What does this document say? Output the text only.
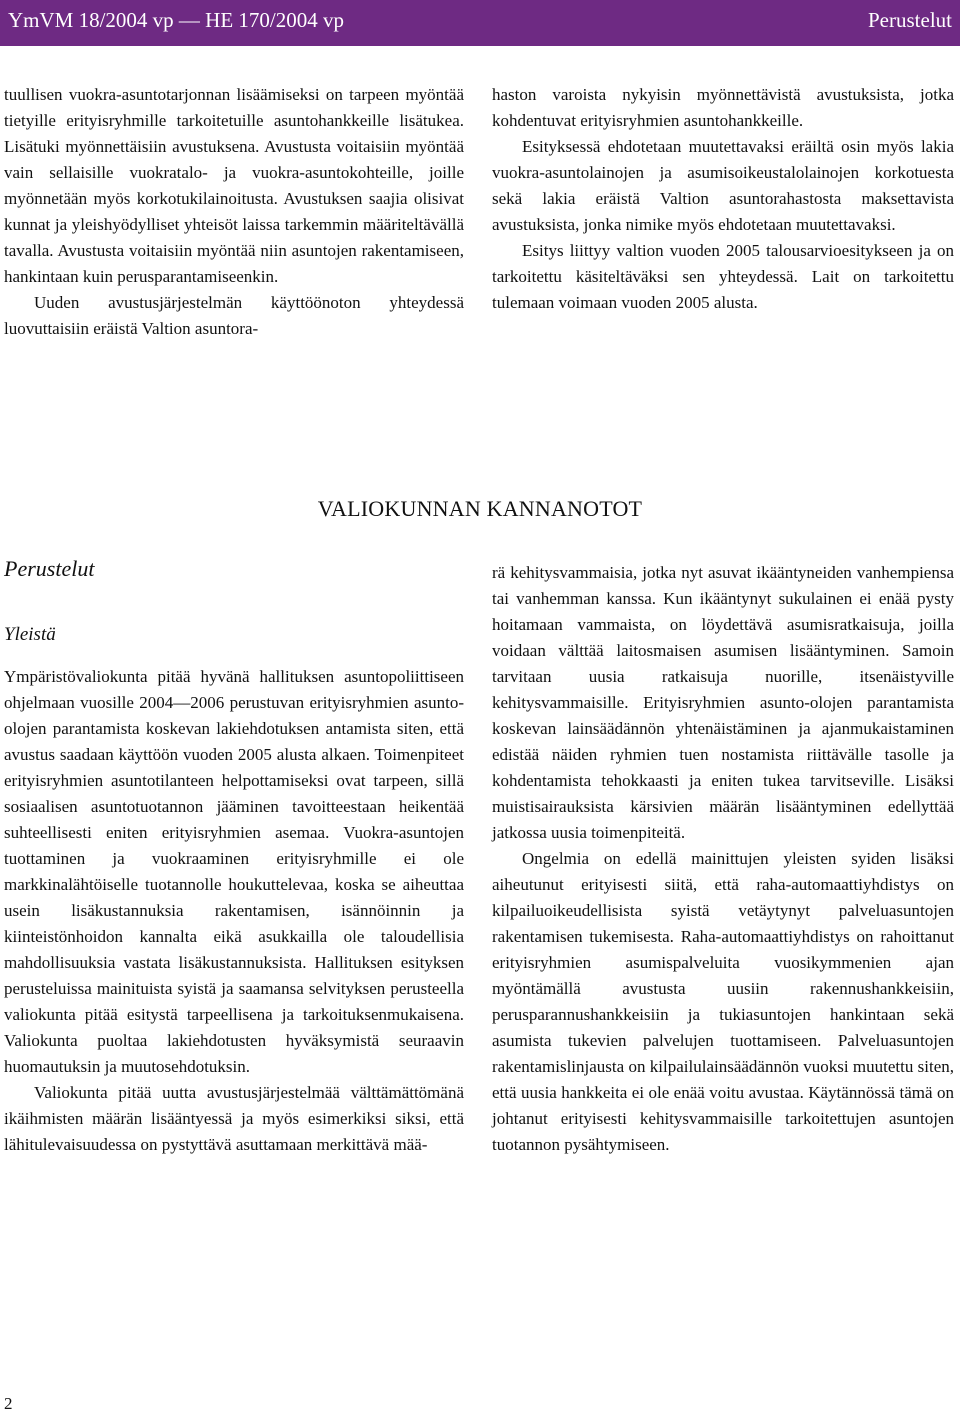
YmVM 18/2004 vp — HE 170/2004 vp	Perustelut

tuullisen vuokra-asuntotarjonnan lisäämiseksi on tarpeen myöntää tietyille erityisryhmille tarkoitetuille asuntohankkeille lisätukea. Lisätuki myönnettäisiin avustuksena. Avustusta voitaisiin myöntää vain sellaisille vuokratalo- ja vuokra-asuntokohteille, joille myönnetään myös korkotukilainoitusta. Avustuksen saajia olisivat kunnat ja yleishyödylliset yhteisöt laissa tarkemmin määriteltävällä tavalla. Avustusta voitaisiin myöntää niin asuntojen rakentamiseen, hankintaan kuin perusparantamiseenkin.

Uuden avustusjärjestelmän käyttöönoton yhteydessä luovuttaisiin eräistä Valtion asuntora-

haston varoista nykyisin myönnettävistä avustuksista, jotka kohdentuvat erityisryhmien asuntohankkeille.

Esityksessä ehdotetaan muutettavaksi eräiltä osin myös lakia vuokra-asuntolainojen ja asumisoikeustalolainojen korkotuesta sekä lakia eräistä Valtion asuntorahastosta maksettavista avustuksista, jonka nimike myös ehdotetaan muutettavaksi.

Esitys liittyy valtion vuoden 2005 talousarvioesitykseen ja on tarkoitettu käsiteltäväksi sen yhteydessä. Lait on tarkoitettu tulemaan voimaan vuoden 2005 alusta.

VALIOKUNNAN KANNANOTOT
Perustelut
Yleistä

Ympäristövaliokunta pitää hyvänä hallituksen asuntopoliittiseen ohjelmaan vuosille 2004—2006 perustuvan erityisryhmien asunto-olojen parantamista koskevan lakiehdotuksen antamista siten, että avustus saadaan käyttöön vuoden 2005 alusta alkaen. Toimenpiteet erityisryhmien asuntotilanteen helpottamiseksi ovat tarpeen, sillä sosiaalisen asuntotuotannon jääminen tavoitteestaan heikentää suhteellisesti eniten erityisryhmien asemaa. Vuokra-asuntojen tuottaminen ja vuokraaminen erityisryhmille ei ole markkinalähtöiselle tuotannolle houkuttelevaa, koska se aiheuttaa usein lisäkustannuksia rakentamisen, isännöinnin ja kiinteistönhoidon kannalta eikä asukkailla ole taloudellisia mahdollisuuksia vastata lisäkustannuksista. Hallituksen esityksen perusteluissa mainituista syistä ja saamansa selvityksen perusteella valiokunta pitää esitystä tarpeellisena ja tarkoituksenmukaisena. Valiokunta puoltaa lakiehdotusten hyväksymistä seuraavin huomautuksin ja muutosehdotuksin.

Valiokunta pitää uutta avustusjärjestelmää välttämättömänä ikäihmisten määrän lisääntyessä ja myös esimerkiksi siksi, että lähitulevaisuudessa on pystyttävä asuttamaan merkittävä mää-

rä kehitysvammaisia, jotka nyt asuvat ikääntyneiden vanhempiensa tai vanhemman kanssa. Kun ikääntynyt sukulainen ei enää pysty hoitamaan vammaista, on löydettävä asumisratkaisuja, joilla voidaan välttää laitosmaisen asumisen lisääntyminen. Samoin tarvitaan uusia ratkaisuja nuorille, itsenäistyville kehitysvammaisille. Erityisryhmien asunto-olojen parantamista koskevan lainsäädännön yhtenäistäminen ja ajanmukaistaminen edistää näiden ryhmien tuen nostamista riittävälle tasolle ja kohdentamista tehokkaasti ja eniten tukea tarvitseville. Lisäksi muistisairauksista kärsivien määrän lisääntyminen edellyttää jatkossa uusia toimenpiteitä.

Ongelmia on edellä mainittujen yleisten syiden lisäksi aiheutunut erityisesti siitä, että raha-automaattiyhdistys on kilpailuoikeudellisista syistä vetäytynyt palveluasuntojen rakentamisen tukemisesta. Raha-automaattiyhdistys on rahoittanut erityisryhmien asumispalveluita vuosikymmenien ajan myöntämällä avustusta uusiin rakennushankkeisiin, perusparannushankkeisiin ja tukiasuntojen hankintaan sekä asumista tukevien palvelujen tuottamiseen. Palveluasuntojen rakentamislinjausta on kilpailulainsäädännön vuoksi muutettu siten, että uusia hankkeita ei ole enää voitu avustaa. Käytännössä tämä on johtanut erityisesti kehitysvammaisille tarkoitettujen asuntojen tuotannon pysähtymiseen.

2
